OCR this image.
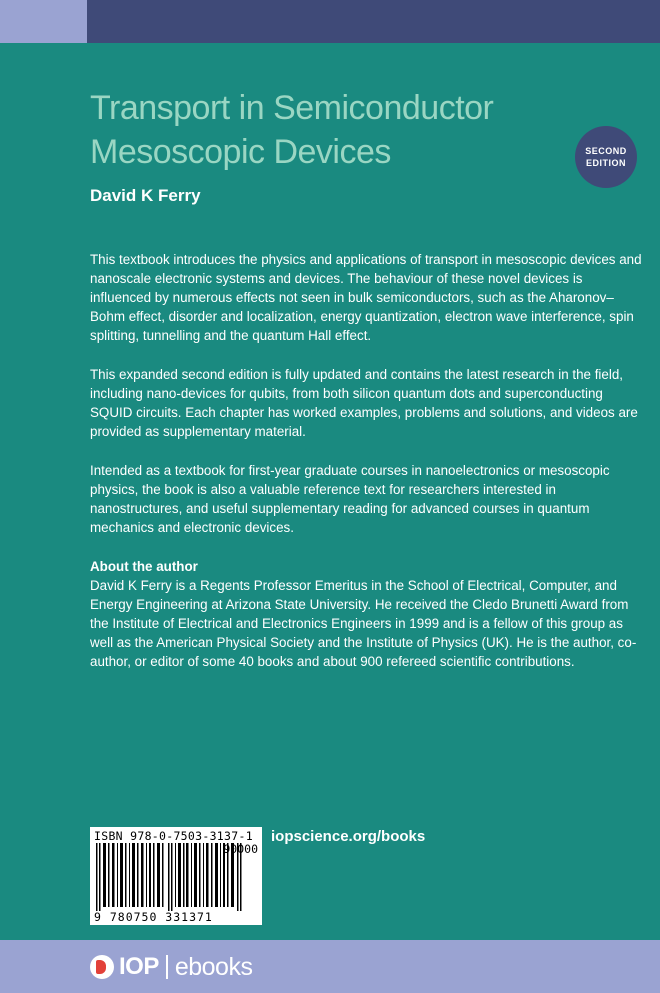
Transport in Semiconductor
Mesoscopic Devices	SECOND
EDITION
David K Ferry

This textbook introduces the physics and applications of transport in mesoscopic devices and nanoscale electronic systems and devices. The behaviour of these novel devices is influenced by numerous effects not seen in bulk semiconductors, such as the Aharonov–Bohm effect, disorder and localization, energy quantization, electron wave interference, spin splitting, tunnelling and the quantum Hall effect.

This expanded second edition is fully updated and contains the latest research in the field, including nano-devices for qubits, from both silicon quantum dots and superconducting SQUID circuits. Each chapter has worked examples, problems and solutions, and videos are provided as supplementary material.

Intended as a textbook for first-year graduate courses in nanoelectronics or mesoscopic physics, the book is also a valuable reference text for researchers interested in nanostructures, and useful supplementary reading for advanced courses in quantum mechanics and electronic devices.

About the author
David K Ferry is a Regents Professor Emeritus in the School of Electrical, Computer, and Energy Engineering at Arizona State University. He received the Cledo Brunetti Award from the Institute of Electrical and Electronics Engineers in 1999 and is a fellow of this group as well as the American Physical Society and the Institute of Physics (UK). He is the author, co-author, or editor of some 40 books and about 900 refereed scientific contributions.
ISBN 978-0-7503-3137-1
90000
9 780750 331371
iopscience.org/books
IOP ebooks
